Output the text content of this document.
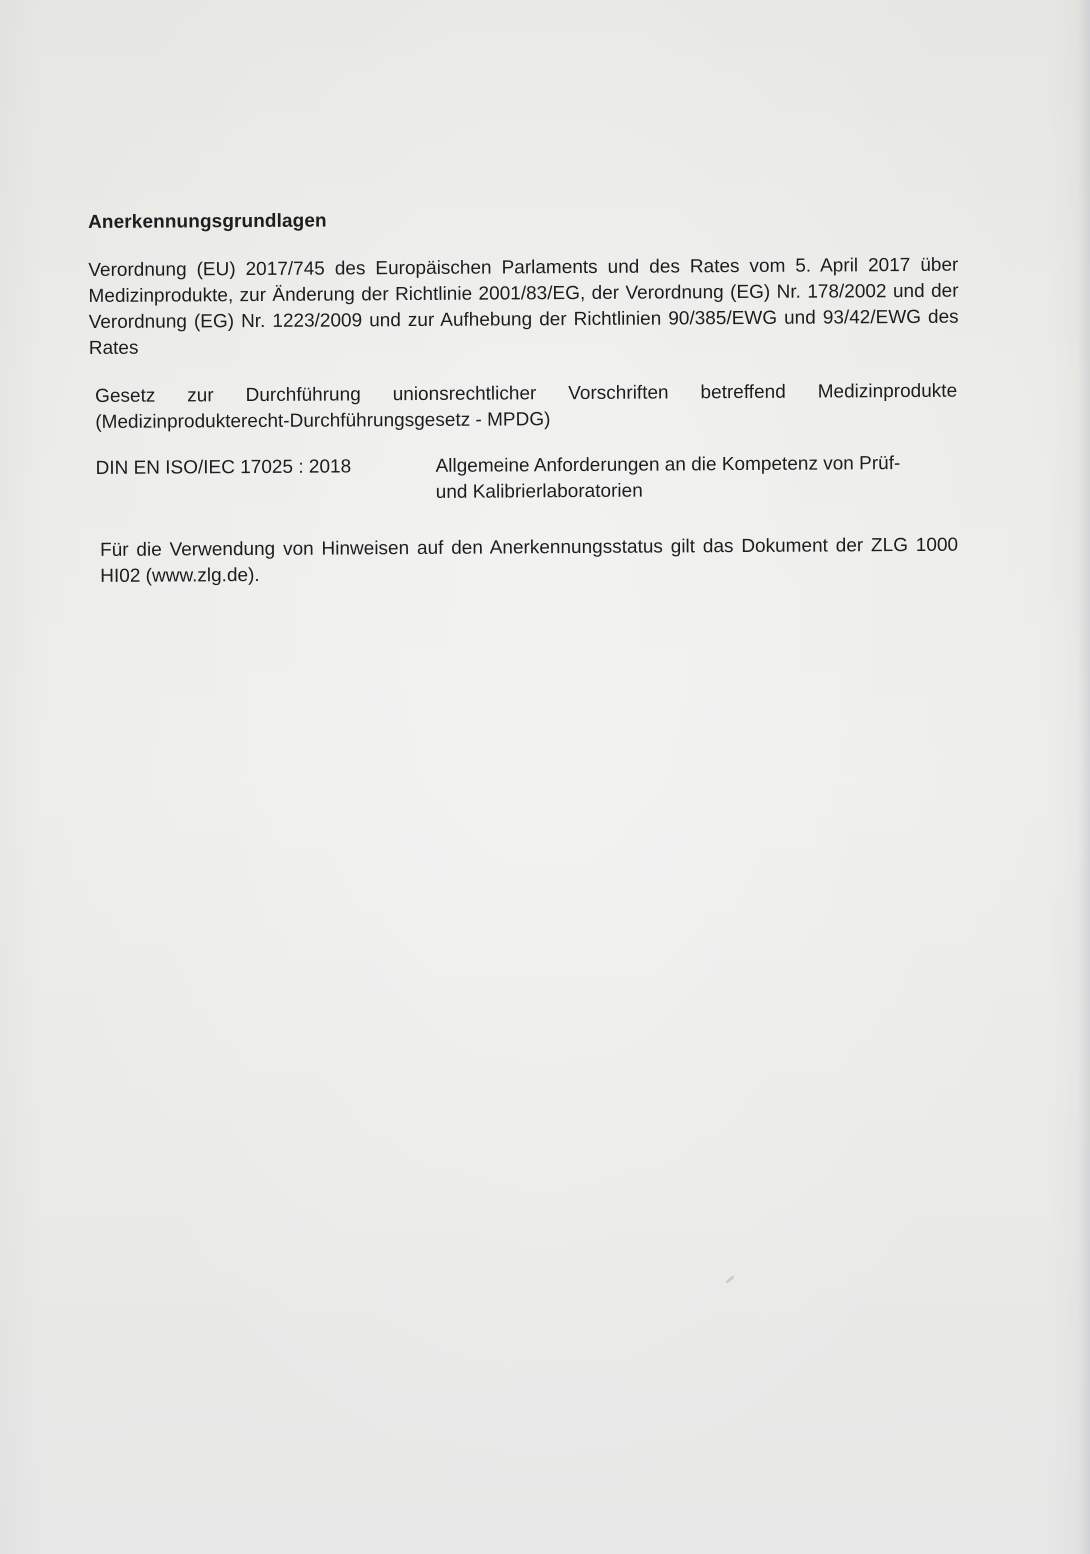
Anerkennungsgrundlagen

Verordnung (EU) 2017/745 des Europäischen Parlaments und des Rates vom 5. April 2017 über Medizinprodukte, zur Änderung der Richtlinie 2001/83/EG, der Verordnung (EG) Nr. 178/2002 und der Verordnung (EG) Nr. 1223/2009 und zur Aufhebung der Richtlinien 90/385/EWG und 93/42/EWG des Rates

Gesetz zur Durchführung unionsrechtlicher Vorschriften betreffend Medizinprodukte (Medizinprodukterecht-Durchführungsgesetz - MPDG)

DIN EN ISO/IEC 17025 : 2018	Allgemeine Anforderungen an die Kompetenz von Prüf- und Kalibrierlaboratorien

Für die Verwendung von Hinweisen auf den Anerkennungsstatus gilt das Dokument der ZLG 1000 HI02 (www.zlg.de).
